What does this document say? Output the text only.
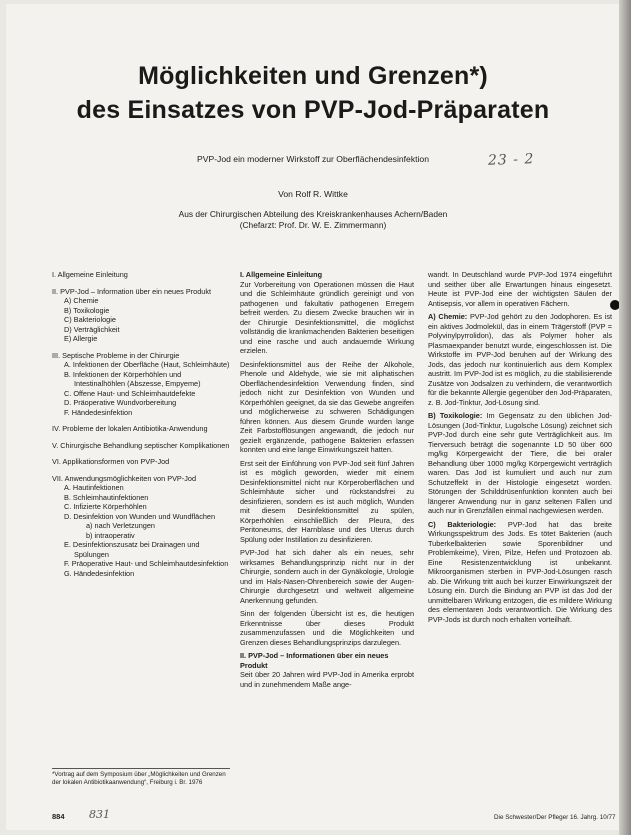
Möglichkeiten und Grenzen*)
des Einsatzes von PVP-Jod-Präparaten
PVP-Jod ein moderner Wirkstoff zur Oberflächendesinfektion	23 - 2
Von Rolf R. Wittke
Aus der Chirurgischen Abteilung des Kreiskrankenhauses Achern/Baden
(Chefarzt: Prof. Dr. W. E. Zimmermann)
I. Allgemeine Einleitung
II. PVP-Jod – Information über ein neues Produkt
A) Chemie
B) Toxikologie
C) Bakteriologie
D) Verträglichkeit
E) Allergie
III. Septische Probleme in der Chirurgie
A. Infektionen der Oberfläche (Haut, Schleimhäute)
B. Infektionen der Körperhöhlen und Intestinalhöhlen (Abszesse, Empyeme)
C. Offene Haut- und Schleimhautdefekte
D. Präoperative Wundvorbereitung
F. Händedesinfektion
IV. Probleme der lokalen Antibiotika-Anwendung
V. Chirurgische Behandlung septischer Komplikationen
VI. Applikationsformen von PVP-Jod
VII. Anwendungsmöglichkeiten von PVP-Jod
A. Hautinfektionen
B. Schleimhautinfektionen
C. Infizierte Körperhöhlen
D. Desinfektion von Wunden und Wundflächen
a) nach Verletzungen
b) intraoperativ
E. Desinfektionszusatz bei Drainagen und Spülungen
F. Präoperative Haut- und Schleimhautdesinfektion
G. Händedesinfektion
I. Allgemeine Einleitung
Zur Vorbereitung von Operationen müssen die Haut und die Schleimhäute gründlich gereinigt und von pathogenen und fakultativ pathogenen Erregern befreit werden. Zu diesem Zwecke brauchen wir in der Chirurgie Desinfektionsmittel, die möglichst vollständig die krankmachenden Bakterien beseitigen und eine rasche und auch andauernde Wirkung erzielen.
Desinfektionsmittel aus der Reihe der Alkohole, Phenole und Aldehyde, wie sie mit aliphatischen Oberflächendesinfektion Verwendung finden, sind jedoch nicht zur Desinfektion von Wunden und Körperhöhlen geeignet, da sie das Gewebe angreifen und möglicherweise zu schweren Schädigungen führen können. Aus diesem Grunde wurden lange Zeit Farbstofflösungen angewandt, die jedoch nur gezielt ergänzende, pathogene Bakterien erfassen konnten und eine lange Einwirkungszeit hatten.
Erst seit der Einführung von PVP-Jod seit fünf Jahren ist es möglich geworden, wieder mit einem Desinfektionsmittel nicht nur Körperoberflächen und Schleimhäute sicher und rückstandsfrei zu desinfizieren, sondern es ist auch möglich, Wunden mit diesem Desinfektionsmittel zu spülen, Körperhöhlen einschließlich der Pleura, des Peritoneums, der Harnblase und des Uterus durch Spülung oder Instillation zu desinfizieren.
PVP-Jod hat sich daher als ein neues, sehr wirksames Behandlungsprinzip nicht nur in der Chirurgie, sondern auch in der Gynäkologie, Urologie und im Hals-Nasen-Ohrenbereich sowie der Augen-Chirurgie durchgesetzt und weltweit allgemeine Anerkennung gefunden.
Sinn der folgenden Übersicht ist es, die heutigen Erkenntnisse über dieses Produkt zusammenzufassen und die Möglichkeiten und Grenzen dieses Behandlungsprinzips darzulegen.
II. PVP-Jod – Informationen über ein neues Produkt
Seit über 20 Jahren wird PVP-Jod in Amerika erprobt und in zunehmendem Maße ange-
wandt. In Deutschland wurde PVP-Jod 1974 eingeführt und seither über alle Erwartungen hinaus eingesetzt. Heute ist PVP-Jod eine der wichtigsten Säulen der Antisepsis, vor allem in operativen Fächern.
A) Chemie: PVP-Jod gehört zu den Jodophoren. Es ist ein aktives Jodmolekül, das in einem Trägerstoff (PVP = Polyvinylpyrrolidon), das als Polymer hoher als Plasmaexpander benutzt wurde, eingeschlossen ist. Die Wirkstoffe im PVP-Jod beruhen auf der Wirkung des Jods, das jedoch nur kontinuierlich aus dem Komplex austritt. Im PVP-Jod ist es möglich, zu die stabilisierende Zusätze von Jodsalzen zu verhindern, die verantwortlich für die bekannte Allergie gegenüber den Jod-Präparaten, z. B. Jod-Tinktur, Jod-Lösung sind.
B) Toxikologie: Im Gegensatz zu den üblichen Jod-Lösungen (Jod-Tinktur, Lugolsche Lösung) zeichnet sich PVP-Jod durch eine sehr gute Verträglichkeit aus. Im Tierversuch beträgt die sogenannte LD 50 über 600 mg/kg Körpergewicht der Tiere, die bei oraler Behandlung über 1000 mg/kg Körpergewicht verträglich waren. Das Jod ist kumuliert und auch nur zum Schutzeffekt in der Histologie eingesetzt worden. Störungen der Schilddrüsenfunktion konnten auch bei längerer Anwendung nur in ganz seltenen Fällen und auch nur in Grenzfällen einmal nachgewiesen werden.
C) Bakteriologie: PVP-Jod hat das breite Wirkungsspektrum des Jods. Es tötet Bakterien (auch Tuberkelbakterien sowie Sporenbildner und Problemkeime), Viren, Pilze, Hefen und Protozoen ab. Eine Resistenzentwicklung ist unbekannt. Mikroorganismen sterben in PVP-Jod-Lösungen rasch ab. Die Wirkung tritt auch bei kurzer Einwirkungszeit der Lösung ein. Durch die Bindung an PVP ist das Jod der unmittelbaren Wirkung entzogen, die es mildere Wirkung des elementaren Jods verantwortlich. Die Wirkung des PVP-Jods ist durch noch erhalten vorteilhaft.
*Vortrag auf dem Symposium über „Möglichkeiten und Grenzen der lokalen Antibiotikaanwendung“, Freiburg i. Br. 1976
884 831	Die Schwester/Der Pfleger 16. Jahrg. 10/77
